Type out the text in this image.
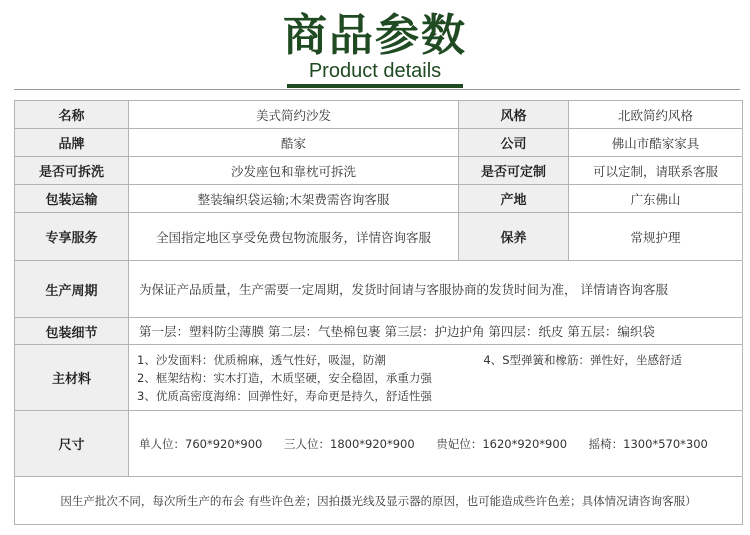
商品参数
Product details
名称	美式简约沙发	风格	北欧简约风格
品牌	酷家	公司	佛山市酷家家具
是否可拆洗	沙发座包和靠枕可拆洗	是否可定制	可以定制，请联系客服
包装运输	整装编织袋运输;木架费需咨询客服	产地	广东佛山
专享服务	全国指定地区享受免费包物流服务，详情咨询客服	保养	常规护理
生产周期	为保证产品质量，生产需要一定周期，发货时间请与客服协商的发货时间为准， 详情请咨询客服		
包装细节	第一层：塑料防尘薄膜 第二层：气垫棉包裹 第三层：护边护角 第四层：纸皮 第五层：编织袋		
主材料	1、沙发面料：优质棉麻，透气性好，吸湿，防潮
2、框架结构：实木打造，木质坚硬，安全稳固，承重力强
3、优质高密度海绵：回弹性好，寿命更是持久，舒适性强
4、S型弹簧和橡筋：弹性好，坐感舒适		

尺寸	单人位：760*920*900 三人位：1800*920*900 贵妃位：1620*920*900 摇椅：1300*570*300		
因生产批次不同，每次所生产的布会 有些许色差；因拍摄光线及显示器的原因，也可能造成些许色差；具体情况请咨询客服）			
